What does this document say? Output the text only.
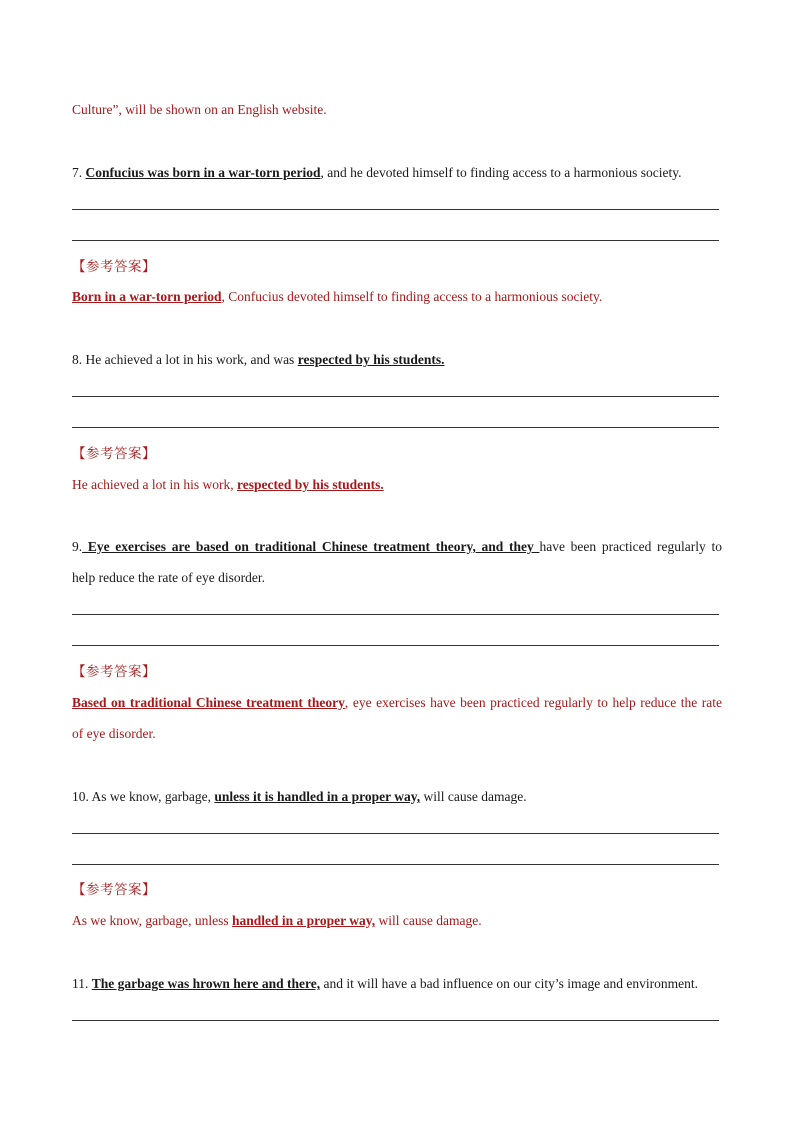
Culture”, will be shown on an English website.
7. Confucius was born in a war-torn period, and he devoted himself to finding access to a harmonious society.
【参考答案】
Born in a war-torn period, Confucius devoted himself to finding access to a harmonious society.
8. He achieved a lot in his work, and was respected by his students.
【参考答案】
He achieved a lot in his work, respected by his students.
9. Eye exercises are based on traditional Chinese treatment theory, and they have been practiced regularly to
help reduce the rate of eye disorder.
【参考答案】
Based on traditional Chinese treatment theory, eye exercises have been practiced regularly to help reduce the rate
of eye disorder.
10. As we know, garbage, unless it is handled in a proper way, will cause damage.
【参考答案】
As we know, garbage, unless handled in a proper way, will cause damage.
11. The garbage was hrown here and there, and it will have a bad influence on our city’s image and environment.
